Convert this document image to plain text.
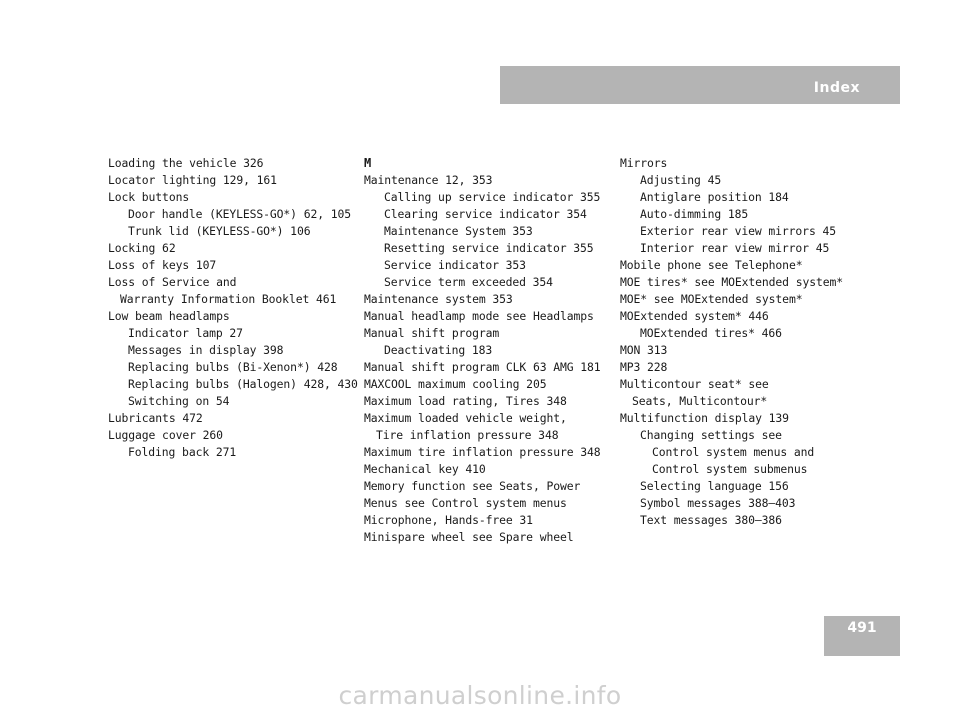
Index
Loading the vehicle 326
Locator lighting 129, 161
Lock buttons
Door handle (KEYLESS-GO*) 62, 105
Trunk lid (KEYLESS-GO*) 106
Locking 62
Loss of keys 107
Loss of Service and
Warranty Information Booklet 461
Low beam headlamps
Indicator lamp 27
Messages in display 398
Replacing bulbs (Bi-Xenon*) 428
Replacing bulbs (Halogen) 428, 430
Switching on 54
Lubricants 472
Luggage cover 260
Folding back 271
M
Maintenance 12, 353
Calling up service indicator 355
Clearing service indicator 354
Maintenance System 353
Resetting service indicator 355
Service indicator 353
Service term exceeded 354
Maintenance system 353
Manual headlamp mode see Headlamps
Manual shift program
Deactivating 183
Manual shift program CLK 63 AMG 181
MAXCOOL maximum cooling 205
Maximum load rating, Tires 348
Maximum loaded vehicle weight,
Tire inflation pressure 348
Maximum tire inflation pressure 348
Mechanical key 410
Memory function see Seats, Power
Menus see Control system menus
Microphone, Hands-free 31
Minispare wheel see Spare wheel
Mirrors
Adjusting 45
Antiglare position 184
Auto-dimming 185
Exterior rear view mirrors 45
Interior rear view mirror 45
Mobile phone see Telephone*
MOE tires* see MOExtended system*
MOE* see MOExtended system*
MOExtended system* 446
MOExtended tires* 466
MON 313
MP3 228
Multicontour seat* see
Seats, Multicontour*
Multifunction display 139
Changing settings see
Control system menus and
Control system submenus
Selecting language 156
Symbol messages 388–403
Text messages 380–386
491
carmanualsonline.info
